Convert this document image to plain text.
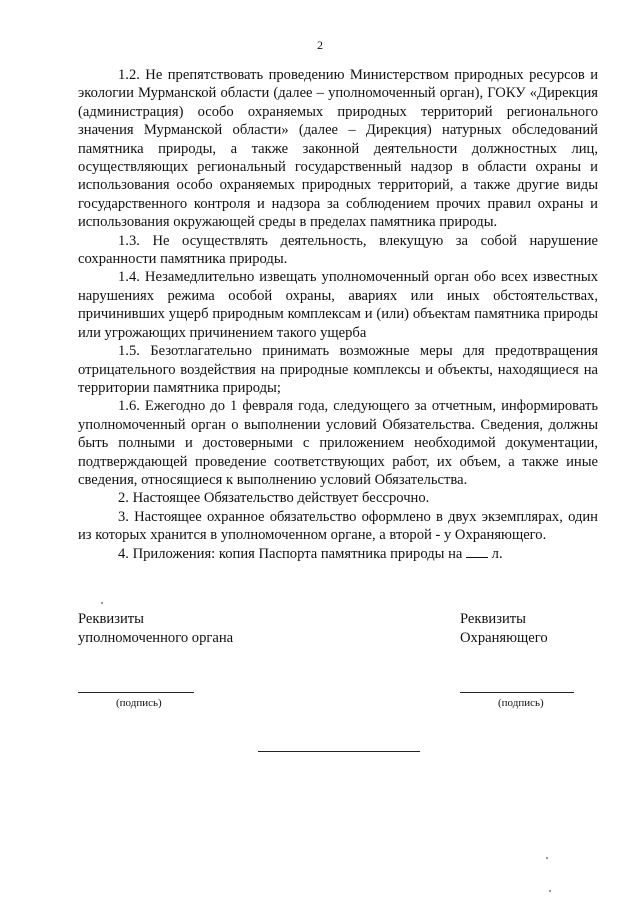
2

1.2. Не препятствовать проведению Министерством природных ресурсов и экологии Мурманской области (далее – уполномоченный орган), ГОКУ «Дирекция (администрация) особо охраняемых природных территорий регионального значения Мурманской области» (далее – Дирекция) натурных обследований памятника природы, а также законной деятельности должностных лиц, осуществляющих региональный государственный надзор в области охраны и использования особо охраняемых природных территорий, а также другие виды государственного контроля и надзора за соблюдением прочих правил охраны и использования окружающей среды в пределах памятника природы.

1.3. Не осуществлять деятельность, влекущую за собой нарушение сохранности памятника природы.

1.4. Незамедлительно извещать уполномоченный орган обо всех известных нарушениях режима особой охраны, авариях или иных обстоятельствах, причинивших ущерб природным комплексам и (или) объектам памятника природы или угрожающих причинением такого ущерба

1.5. Безотлагательно принимать возможные меры для предотвращения отрицательного воздействия на природные комплексы и объекты, находящиеся на территории памятника природы;

1.6. Ежегодно до 1 февраля года, следующего за отчетным, информировать уполномоченный орган о выполнении условий Обязательства. Сведения, должны быть полными и достоверными с приложением необходимой документации, подтверждающей проведение соответствующих работ, их объем, а также иные сведения, относящиеся к выполнению условий Обязательства.

2. Настоящее Обязательство действует бессрочно.

3. Настоящее охранное обязательство оформлено в двух экземплярах, один из которых хранится в уполномоченном органе, а второй - у Охраняющего.

4. Приложения: копия Паспорта памятника природы на л.

Реквизиты
уполномоченного органа
Реквизиты
Охраняющего
(подпись)	(подпись)
